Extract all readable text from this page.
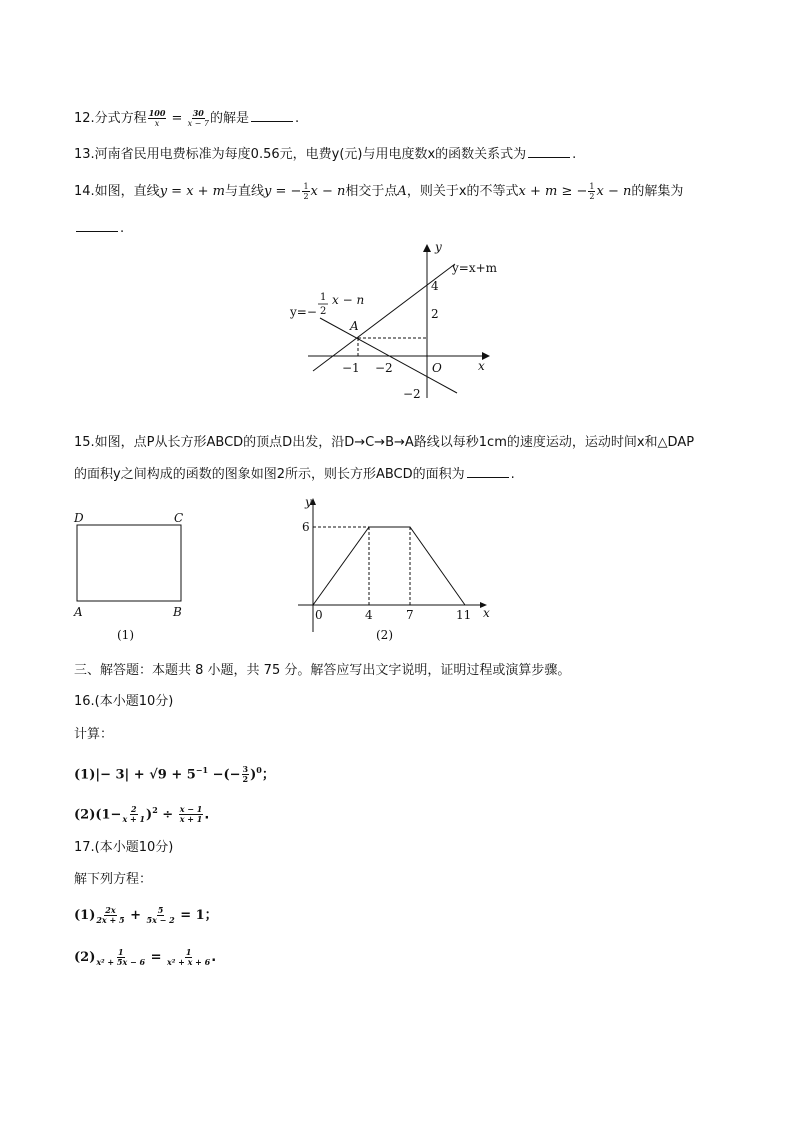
12.分式方程 $\frac{100}{x} = \frac{30}{x - 7}$ 的解是	.
13.河南省民用电费标准为每度0.56元，电费y(元)与用电度数x的函数关系式为	.
14.如图，直线y = x + m与直线y = − $\frac{1}{2}$ x − n相交于点A，则关于x的不等式x + m ≥ − $\frac{1}{2}$ x − n的解集为
.
y
x
O
A
y=x+m
y=−
1
2
x − n
4
2
−2
−1 −2
15.如图，点P从长方形ABCD的顶点D出发，沿D→C→B→A路线以每秒1cm的速度运动，运动时间x和△DAP
的面积y之间构成的函数的图象如图2所示，则长方形ABCD的面积为	.
D	C
A	B
(1)
y
x
6
0	4	7	11
(2)
三、解答题：本题共 8 小题，共 75 分。解答应写出文字说明，证明过程或演算步骤。
16.(本小题10分)
计算：
$(1)|- 3| + √9 + 5^{-1}$ −(− $\frac{3}{2} )^0$；
$(2)(1- \frac{2}{x + 1} )^2 \div \frac{x - 1}{x + 1}$ .
17.(本小题10分)
解下列方程：
$(1) \frac{2x}{2x + 5} + \frac{5}{5x - 2} = 1$；
$(2) \frac{1}{\text{x² + 5x − 6}} = \frac{1}{\text{x² + x + 6}}$ .
